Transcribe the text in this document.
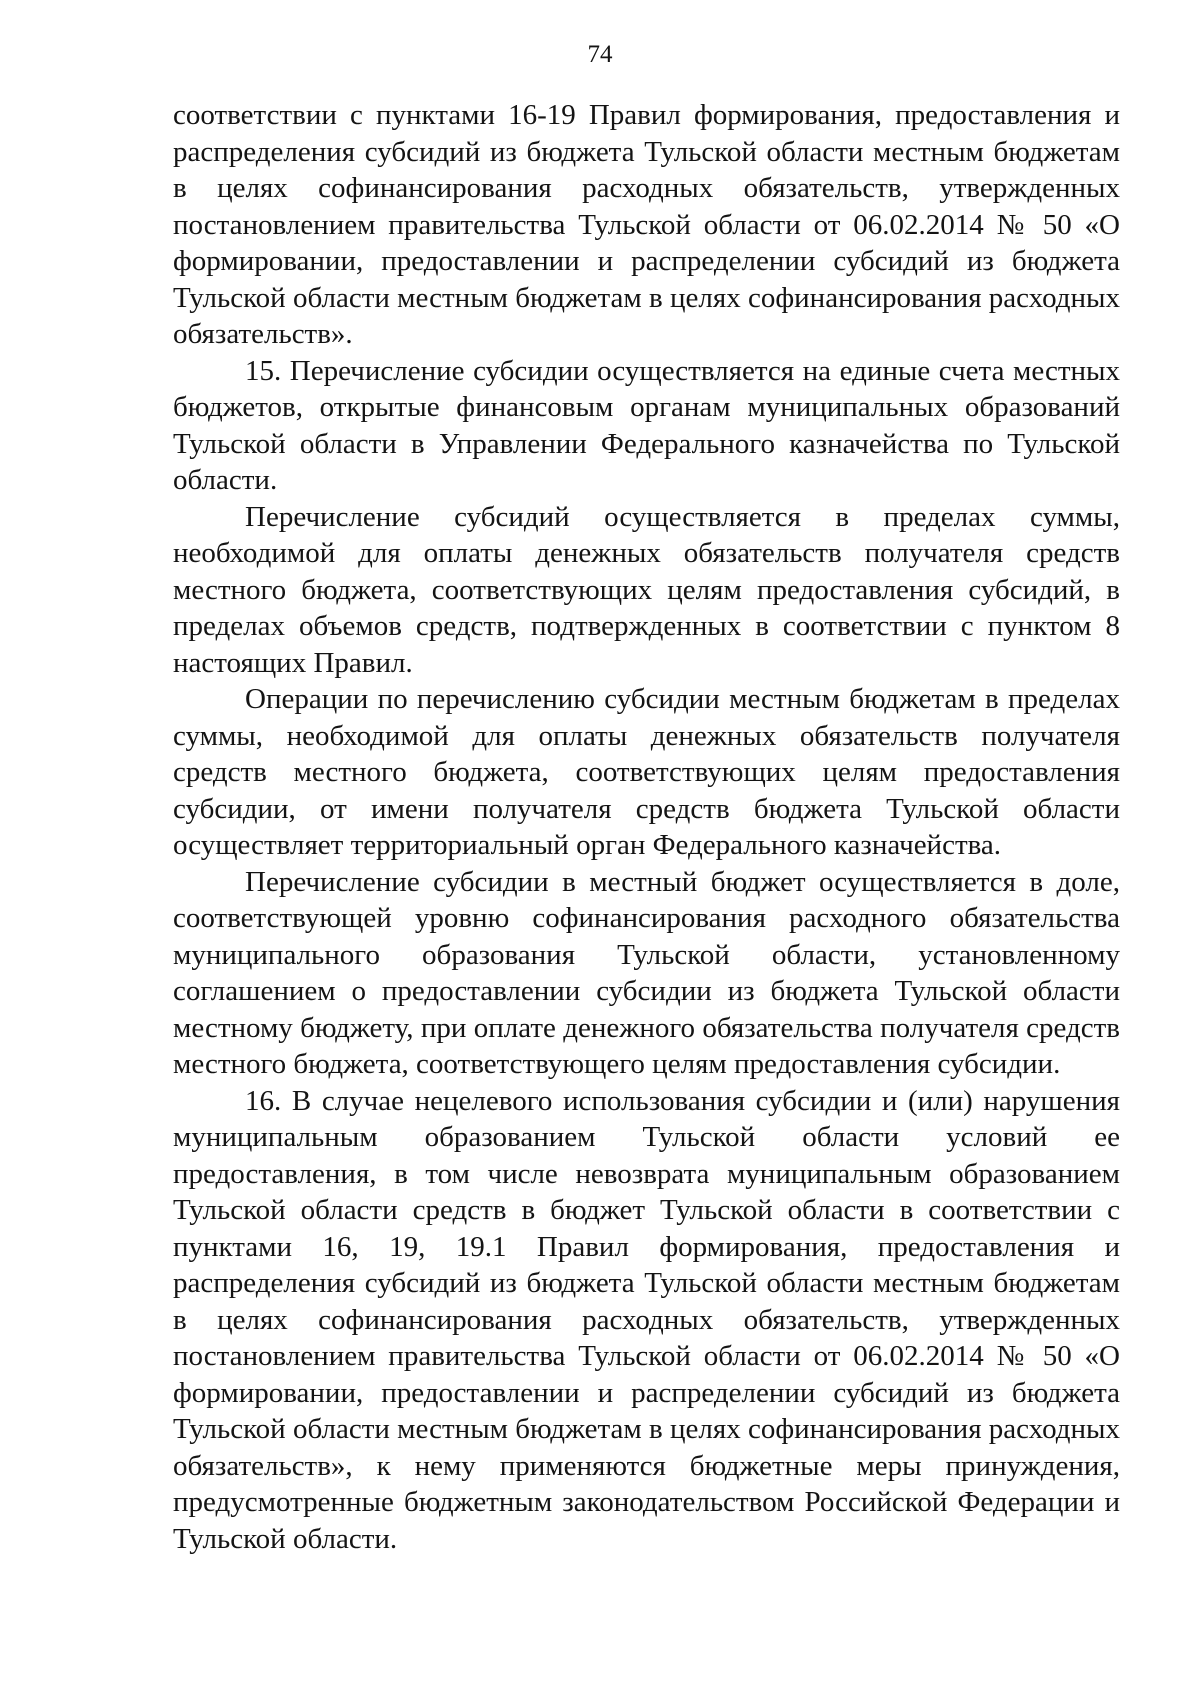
74

соответствии с пунктами 16-19 Правил формирования, предоставления и распределения субсидий из бюджета Тульской области местным бюджетам в целях софинансирования расходных обязательств, утвержденных постановлением правительства Тульской области от 06.02.2014 № 50 «О формировании, предоставлении и распределении субсидий из бюджета Тульской области местным бюджетам в целях софинансирования расходных обязательств».

15. Перечисление субсидии осуществляется на единые счета местных бюджетов, открытые финансовым органам муниципальных образований Тульской области в Управлении Федерального казначейства по Тульской области.

Перечисление субсидий осуществляется в пределах суммы, необходимой для оплаты денежных обязательств получателя средств местного бюджета, соответствующих целям предоставления субсидий, в пределах объемов средств, подтвержденных в соответствии с пунктом 8 настоящих Правил.

Операции по перечислению субсидии местным бюджетам в пределах суммы, необходимой для оплаты денежных обязательств получателя средств местного бюджета, соответствующих целям предоставления субсидии, от имени получателя средств бюджета Тульской области осуществляет территориальный орган Федерального казначейства.

Перечисление субсидии в местный бюджет осуществляется в доле, соответствующей уровню софинансирования расходного обязательства муниципального образования Тульской области, установленному соглашением о предоставлении субсидии из бюджета Тульской области местному бюджету, при оплате денежного обязательства получателя средств местного бюджета, соответствующего целям предоставления субсидии.

16. В случае нецелевого использования субсидии и (или) нарушения муниципальным образованием Тульской области условий ее предоставления, в том числе невозврата муниципальным образованием Тульской области средств в бюджет Тульской области в соответствии с пунктами 16, 19, 19.1 Правил формирования, предоставления и распределения субсидий из бюджета Тульской области местным бюджетам в целях софинансирования расходных обязательств, утвержденных постановлением правительства Тульской области от 06.02.2014 № 50 «О формировании, предоставлении и распределении субсидий из бюджета Тульской области местным бюджетам в целях софинансирования расходных обязательств», к нему применяются бюджетные меры принуждения, предусмотренные бюджетным законодательством Российской Федерации и Тульской области.
